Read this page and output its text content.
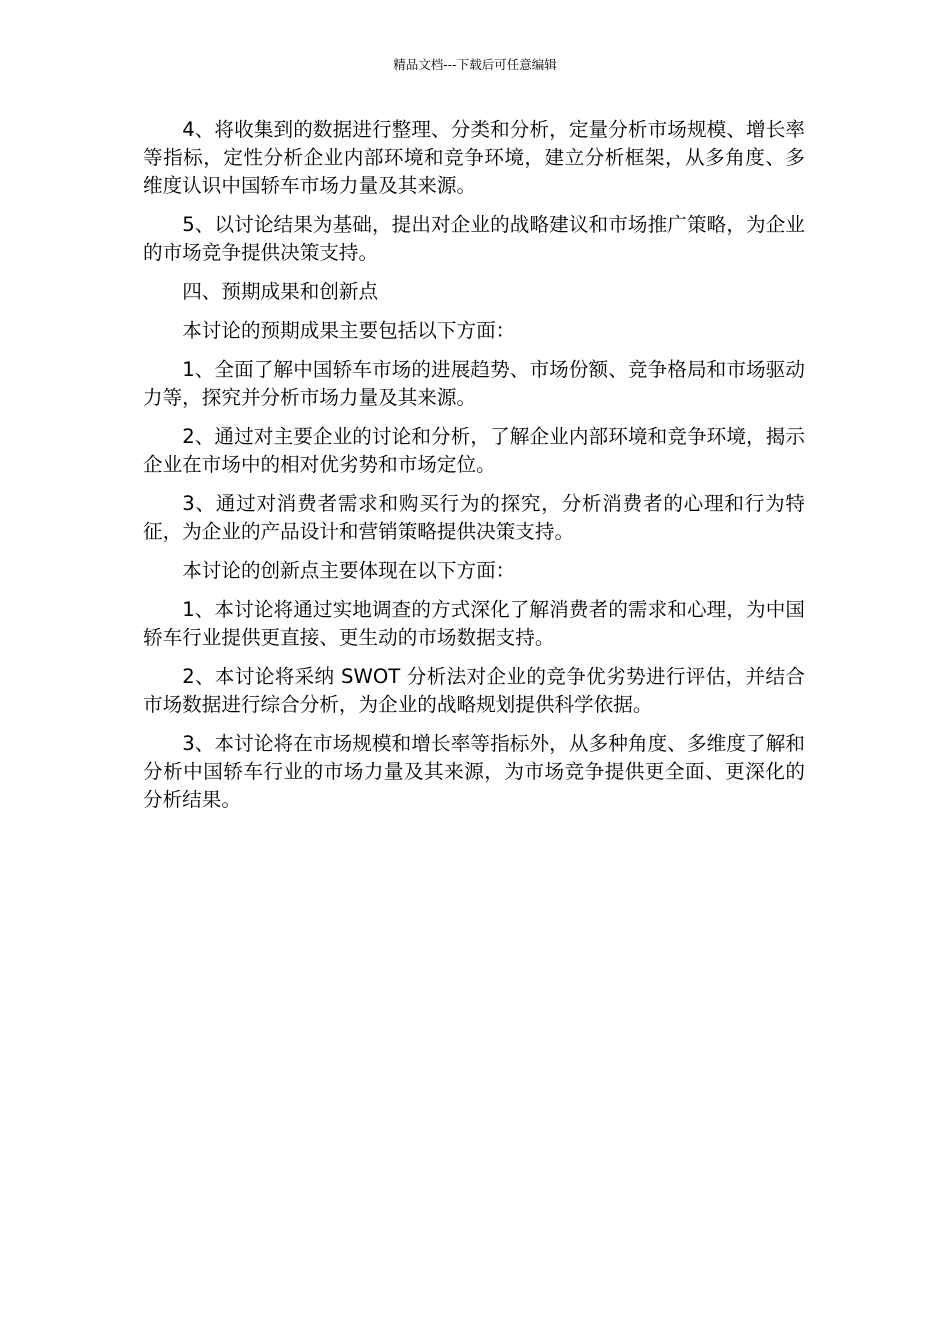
精品文档---下载后可任意编辑

4、将收集到的数据进行整理、分类和分析，定量分析市场规模、增长率等指标，定性分析企业内部环境和竞争环境，建立分析框架，从多角度、多维度认识中国轿车市场力量及其来源。

5、以讨论结果为基础，提出对企业的战略建议和市场推广策略，为企业的市场竞争提供决策支持。

四、预期成果和创新点

本讨论的预期成果主要包括以下方面：

1、全面了解中国轿车市场的进展趋势、市场份额、竞争格局和市场驱动力等，探究并分析市场力量及其来源。

2、通过对主要企业的讨论和分析，了解企业内部环境和竞争环境，揭示企业在市场中的相对优劣势和市场定位。

3、通过对消费者需求和购买行为的探究，分析消费者的心理和行为特征，为企业的产品设计和营销策略提供决策支持。

本讨论的创新点主要体现在以下方面：

1、本讨论将通过实地调查的方式深化了解消费者的需求和心理，为中国轿车行业提供更直接、更生动的市场数据支持。

2、本讨论将采纳 SWOT 分析法对企业的竞争优劣势进行评估，并结合市场数据进行综合分析，为企业的战略规划提供科学依据。

3、本讨论将在市场规模和增长率等指标外，从多种角度、多维度了解和分析中国轿车行业的市场力量及其来源，为市场竞争提供更全面、更深化的分析结果。
